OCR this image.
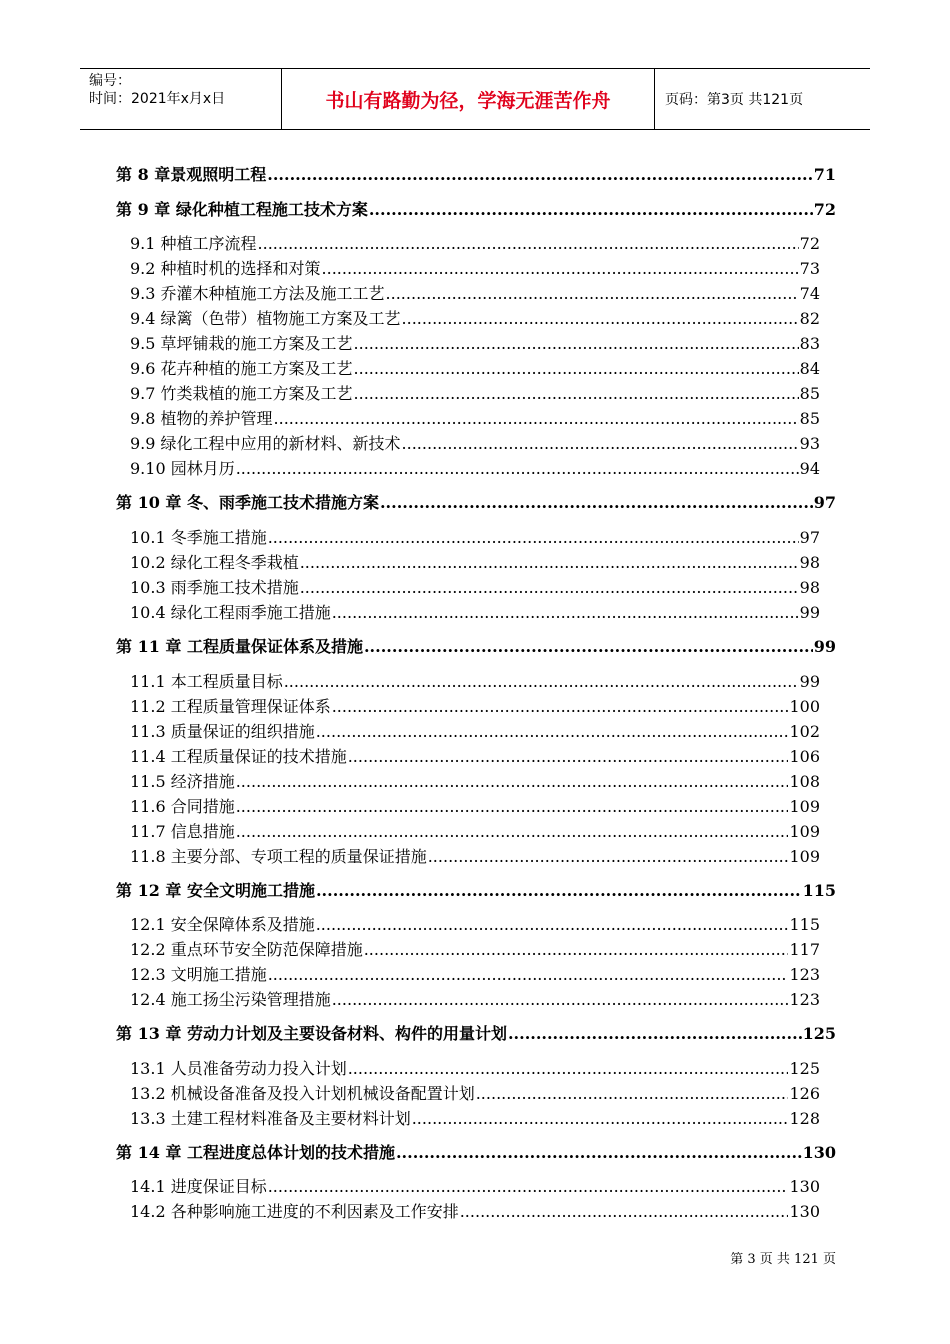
编号：
时间：2021年x月x日	书山有路勤为径，学海无涯苦作舟	页码：第3页 共121页
第 8 章景观照明工程 .....	71
第 9 章 绿化种植工程施工技术方案 .....	72
9.1 种植工序流程 .....	72
9.2 种植时机的选择和对策 .....	73
9.3 乔灌木种植施工方法及施工工艺 .....	74
9.4 绿篱（色带）植物施工方案及工艺 .....	82
9.5 草坪铺栽的施工方案及工艺 .....	83
9.6 花卉种植的施工方案及工艺 .....	84
9.7 竹类栽植的施工方案及工艺 .....	85
9.8 植物的养护管理 .....	85
9.9 绿化工程中应用的新材料、新技术 .....	93
9.10 园林月历 .....	94
第 10 章 冬、雨季施工技术措施方案 .....	97
10.1 冬季施工措施 .....	97
10.2 绿化工程冬季栽植 .....	98
10.3 雨季施工技术措施 .....	98
10.4 绿化工程雨季施工措施 .....	99
第 11 章 工程质量保证体系及措施 .....	99
11.1 本工程质量目标 .....	99
11.2 工程质量管理保证体系 .....	100
11.3 质量保证的组织措施 .....	102
11.4 工程质量保证的技术措施 .....	106
11.5 经济措施 .....	108
11.6 合同措施 .....	109
11.7 信息措施 .....	109
11.8 主要分部、专项工程的质量保证措施 .....	109
第 12 章 安全文明施工措施 .....	115
12.1 安全保障体系及措施 .....	115
12.2 重点环节安全防范保障措施 .....	117
12.3 文明施工措施 .....	123
12.4 施工扬尘污染管理措施 .....	123
第 13 章 劳动力计划及主要设备材料、构件的用量计划 .....	125
13.1 人员准备劳动力投入计划 .....	125
13.2 机械设备准备及投入计划机械设备配置计划 .....	126
13.3 土建工程材料准备及主要材料计划 .....	128
第 14 章 工程进度总体计划的技术措施 .....	130
14.1 进度保证目标 .....	130
14.2 各种影响施工进度的不利因素及工作安排 .....	130
第 3 页 共 121 页
